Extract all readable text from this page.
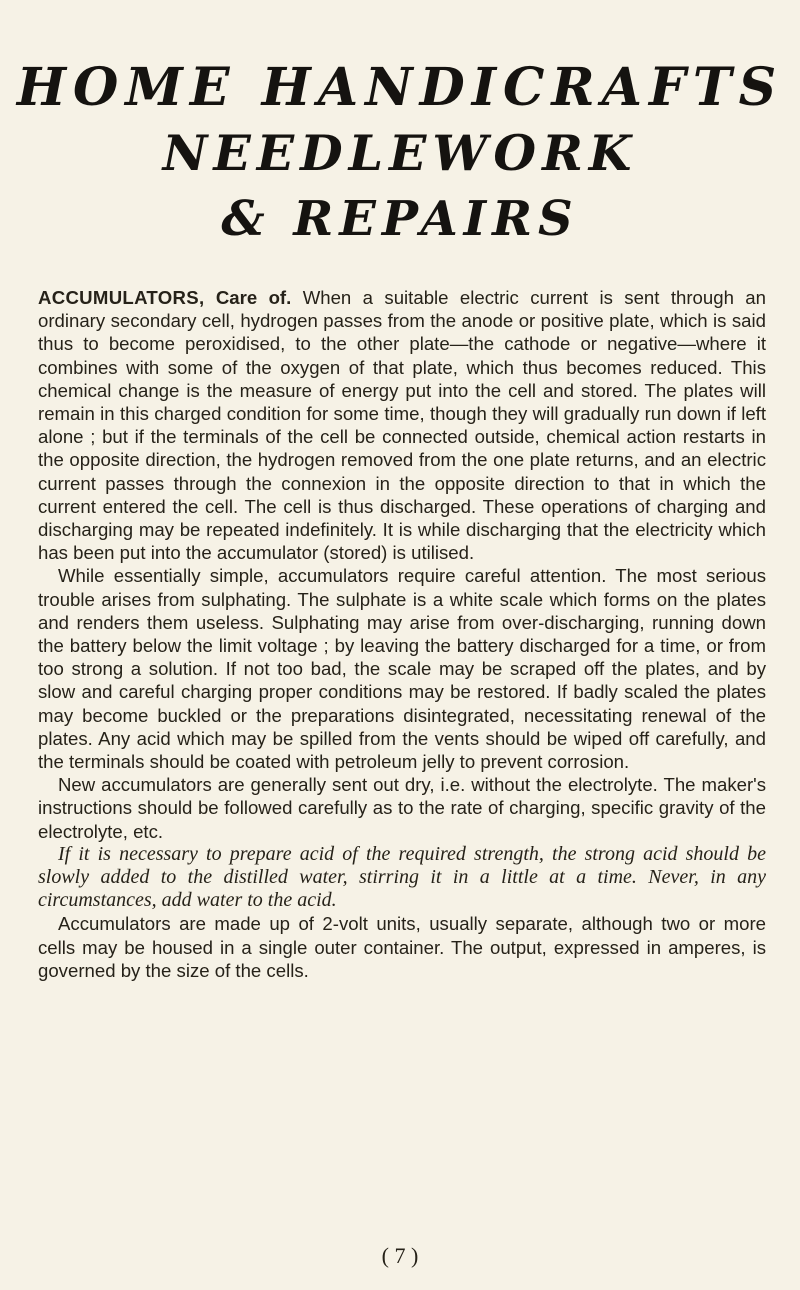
HOME HANDICRAFTS
NEEDLEWORK
& REPAIRS

ACCUMULATORS, Care of. When a suitable electric current is sent through an ordinary secondary cell, hydrogen passes from the anode or positive plate, which is said thus to become peroxidised, to the other plate—the cathode or negative—where it combines with some of the oxygen of that plate, which thus becomes reduced. This chemical change is the measure of energy put into the cell and stored. The plates will remain in this charged condition for some time, though they will gradually run down if left alone ; but if the terminals of the cell be connected outside, chemical action restarts in the opposite direction, the hydrogen removed from the one plate returns, and an electric current passes through the connexion in the opposite direction to that in which the current entered the cell. The cell is thus discharged. These operations of charging and discharging may be repeated indefinitely. It is while discharging that the electricity which has been put into the accumulator (stored) is utilised.

While essentially simple, accumulators require careful attention. The most serious trouble arises from sulphating. The sulphate is a white scale which forms on the plates and renders them useless. Sulphating may arise from over-discharging, running down the battery below the limit voltage ; by leaving the battery discharged for a time, or from too strong a solution. If not too bad, the scale may be scraped off the plates, and by slow and careful charging proper conditions may be restored. If badly scaled the plates may become buckled or the preparations disintegrated, necessitating renewal of the plates. Any acid which may be spilled from the vents should be wiped off carefully, and the terminals should be coated with petroleum jelly to prevent corrosion.

New accumulators are generally sent out dry, i.e. without the electrolyte. The maker's instructions should be followed carefully as to the rate of charging, specific gravity of the electrolyte, etc.

If it is necessary to prepare acid of the required strength, the strong acid should be slowly added to the distilled water, stirring it in a little at a time. Never, in any circumstances, add water to the acid.

Accumulators are made up of 2-volt units, usually separate, although two or more cells may be housed in a single outer container. The output, expressed in amperes, is governed by the size of the cells.

( 7 )
